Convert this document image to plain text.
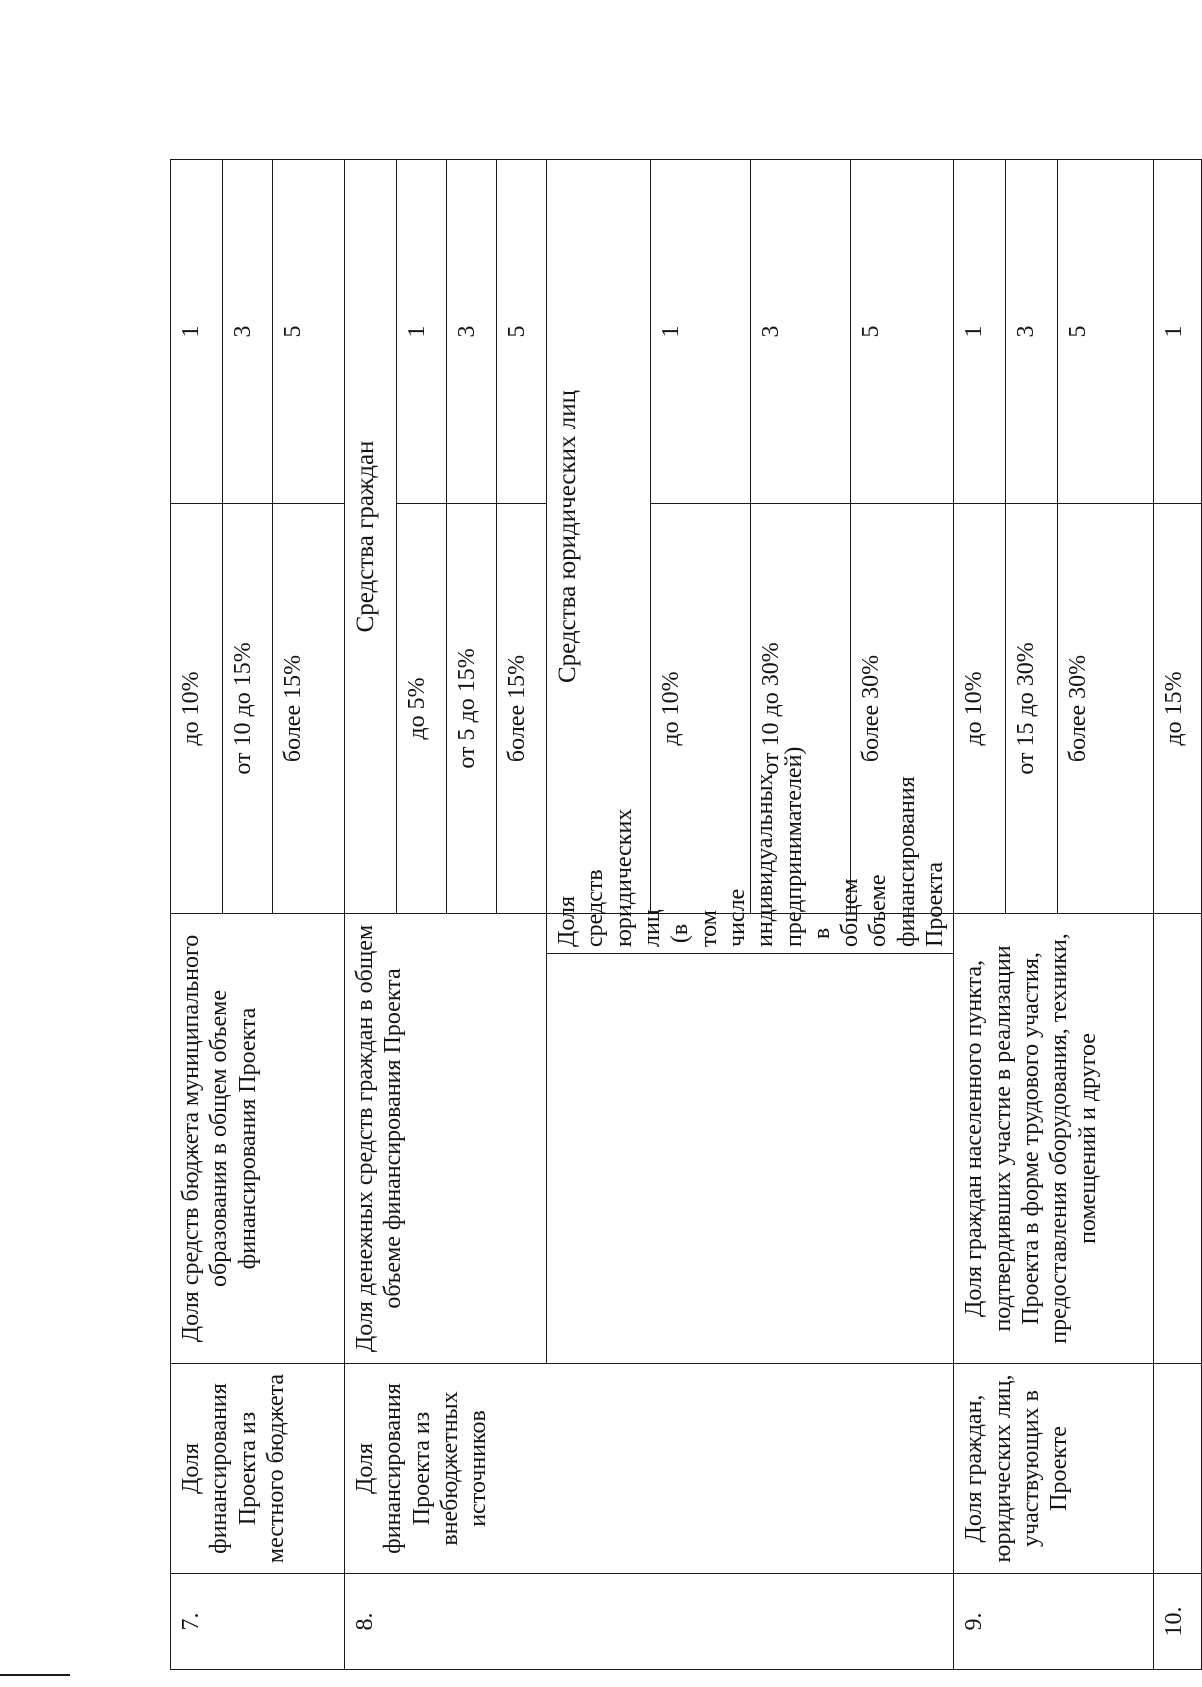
7.	Доля финансирования Проекта из местного бюджета	Доля средств бюджета муниципального образования в общем объеме финансирования Проекта		до 10%	1
				от 10 до 15%	3
				более 15%	5
8.	Доля финансирования Проекта из внебюджетных источников	Доля денежных средств граждан в общем объеме финансирования Проекта		Средства граждан	
				до 5%	1
				от 5 до 15%	3
				более 15%	5
			Доля средств юридических лиц (в том числе индивидуальных предпринимателей) в общем объеме финансирования Проекта	Средства юридических лиц	
				до 10%	1
				от 10 до 30%	3
				более 30%	5
9.	Доля граждан, юридических лиц, участвующих в Проекте	Доля граждан населенного пункта, подтвердивших участие в реализации Проекта в форме трудового участия, предоставления оборудования, техники, помещений и другое		до 10%	1
				от 15 до 30%	3
				более 30%	5
10.				до 15%	1
